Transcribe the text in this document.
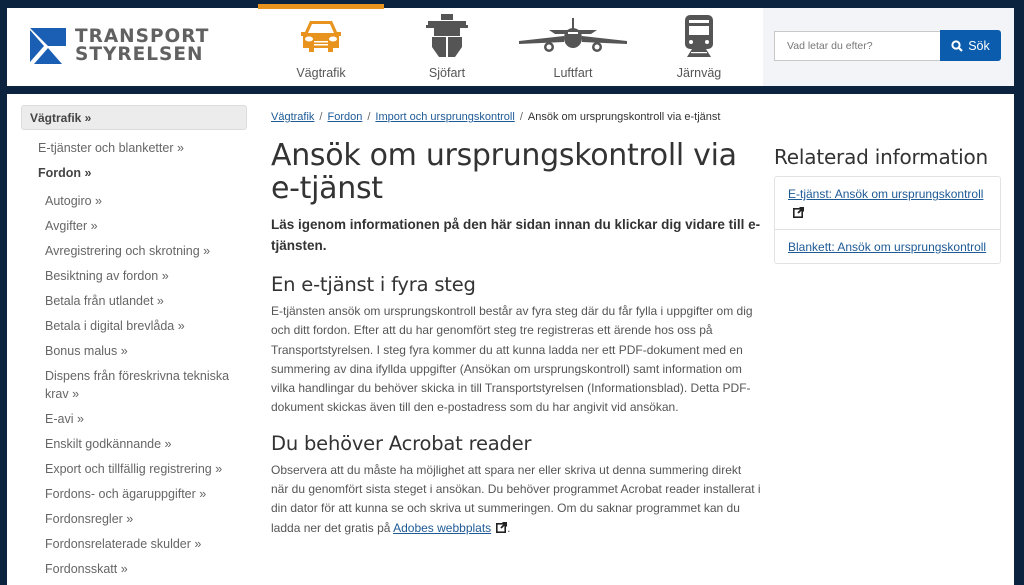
TRANSPORT
STYRELSEN
Vägtrafik	Sjöfart	Luftfart	Järnväg
Vad letar du efter?	Sök
Vägtrafik »
E-tjänster och blanketter »
Fordon »
Autogiro »
Avgifter »
Avregistrering och skrotning »
Besiktning av fordon »
Betala från utlandet »
Betala i digital brevlåda »
Bonus malus »
Dispens från föreskrivna tekniska krav »
E-avi »
Enskilt godkännande »
Export och tillfällig registrering »
Fordons- och ägaruppgifter »
Fordonsregler »
Fordonsrelaterade skulder »
Fordonsskatt »
Vägtrafik / Fordon / Import och ursprungskontroll / Ansök om ursprungskontroll via e-tjänst
Ansök om ursprungskontroll via e-tjänst
Läs igenom informationen på den här sidan innan du klickar dig vidare till e-tjänsten.
En e-tjänst i fyra steg

E-tjänsten ansök om ursprungskontroll består av fyra steg där du får fylla i uppgifter om dig och ditt fordon. Efter att du har genomfört steg tre registreras ett ärende hos oss på Transportstyrelsen. I steg fyra kommer du att kunna ladda ner ett PDF-dokument med en summering av dina ifyllda uppgifter (Ansökan om ursprungskontroll) samt information om vilka handlingar du behöver skicka in till Transportstyrelsen (Informationsblad). Detta PDF-dokument skickas även till den e-postadress som du har angivit vid ansökan.

Du behöver Acrobat reader

Observera att du måste ha möjlighet att spara ner eller skriva ut denna summering direkt när du genomfört sista steget i ansökan. Du behöver programmet Acrobat reader installerat i din dator för att kunna se och skriva ut summeringen. Om du saknar programmet kan du ladda ner det gratis på Adobes webbplats .

Relaterad information
E-tjänst: Ansök om ursprungskontroll
Blankett: Ansök om ursprungskontroll
